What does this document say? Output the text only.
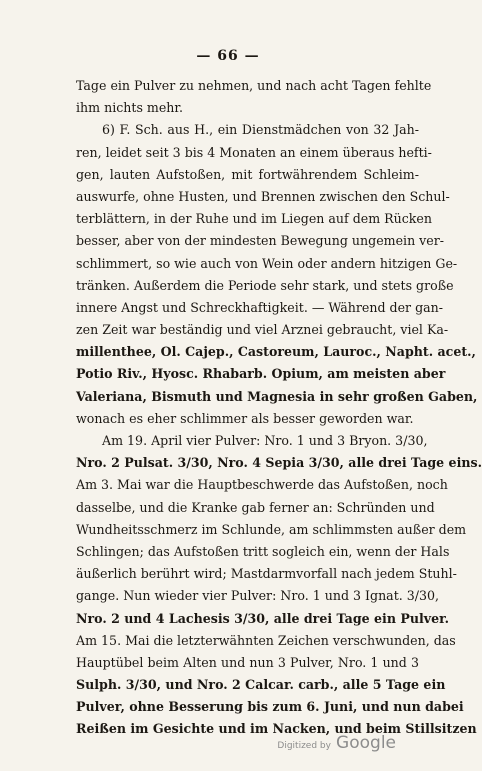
— 66 —
Tage ein Pulver zu nehmen, und nach acht Tagen fehlte
ihm nichts mehr.
6) F. Sch. aus H., ein Dienstmädchen von 32 Jah-
ren, leidet seit 3 bis 4 Monaten an einem überaus hefti-
gen, lauten Aufstoßen, mit fortwährendem Schleim-
auswurfe, ohne Husten, und Brennen zwischen den Schul-
terblättern, in der Ruhe und im Liegen auf dem Rücken
besser, aber von der mindesten Bewegung ungemein ver-
schlimmert, so wie auch von Wein oder andern hitzigen Ge-
tränken. Außerdem die Periode sehr stark, und stets große
innere Angst und Schreckhaftigkeit. — Während der gan-
zen Zeit war beständig und viel Arznei gebraucht, viel Ka-
millenthee, Ol. Cajep., Castoreum, Lauroc., Napht. acet.,
Potio Riv., Hyosc. Rhabarb. Opium, am meisten aber
Valeriana, Bismuth und Magnesia in sehr großen Gaben,
wonach es eher schlimmer als besser geworden war.
Am 19. April vier Pulver: Nro. 1 und 3 Bryon. 3/30,
Nro. 2 Pulsat. 3/30, Nro. 4 Sepia 3/30, alle drei Tage eins.
Am 3. Mai war die Hauptbeschwerde das Aufstoßen, noch
dasselbe, und die Kranke gab ferner an: Schründen und
Wundheitsschmerz im Schlunde, am schlimmsten außer dem
Schlingen; das Aufstoßen tritt sogleich ein, wenn der Hals
äußerlich berührt wird; Mastdarmvorfall nach jedem Stuhl-
gange. Nun wieder vier Pulver: Nro. 1 und 3 Ignat. 3/30,
Nro. 2 und 4 Lachesis 3/30, alle drei Tage ein Pulver.
Am 15. Mai die letzterwähnten Zeichen verschwunden, das
Hauptübel beim Alten und nun 3 Pulver, Nro. 1 und 3
Sulph. 3/30, und Nro. 2 Calcar. carb., alle 5 Tage ein
Pulver, ohne Besserung bis zum 6. Juni, und nun dabei
Reißen im Gesichte und im Nacken, und beim Stillsitzen
Digitized by Google
